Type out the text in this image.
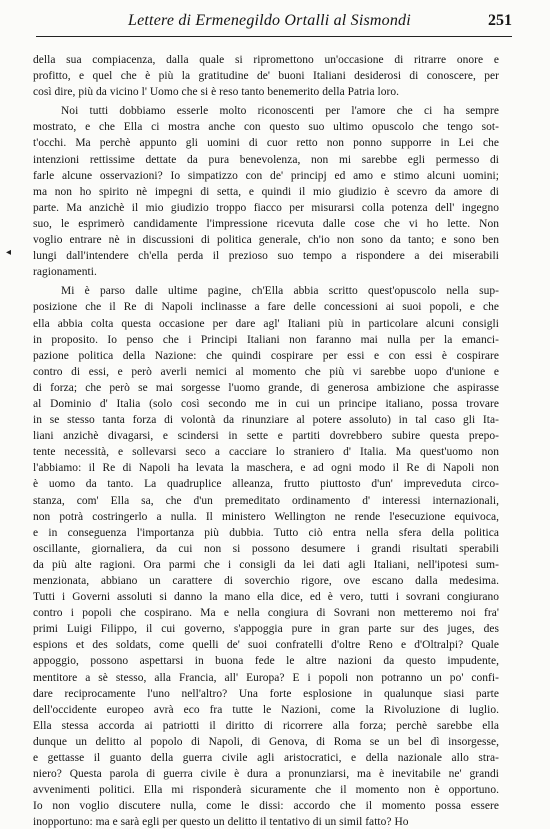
Lettere di Ermenegildo Ortalli al Sismondi	251
◂
della sua compiacenza, dalla quale si ripromettono un'occasione di ritrarre onore e
profitto, e quel che è più la gratitudine de' buoni Italiani desiderosi di conoscere, per
così dire, più da vicino l' Uomo che si è reso tanto benemerito della Patria loro.
Noi tutti dobbiamo esserle molto riconoscenti per l'amore che ci ha sempre
mostrato, e che Ella ci mostra anche con questo suo ultimo opuscolo che tengo sot-
t'occhi. Ma perchè appunto gli uomini di cuor retto non ponno supporre in Lei che
intenzioni rettissime dettate da pura benevolenza, non mi sarebbe egli permesso di
farle alcune osservazioni? Io simpatizzo con de' principj ed amo e stimo alcuni uomini;
ma non ho spirito nè impegni di setta, e quindi il mio giudizio è scevro da amore di
parte. Ma anzichè il mio giudizio troppo fiacco per misurarsi colla potenza dell' ingegno
suo, le esprimerò candidamente l'impressione ricevuta dalle cose che vi ho lette. Non
voglio entrare nè in discussioni di politica generale, ch'io non sono da tanto; e sono ben
lungi dall'intendere ch'ella perda il prezioso suo tempo a rispondere a dei miserabili
ragionamenti.
Mi è parso dalle ultime pagine, ch'Ella abbia scritto quest'opuscolo nella sup-
posizione che il Re di Napoli inclinasse a fare delle concessioni ai suoi popoli, e che
ella abbia colta questa occasione per dare agl' Italiani più in particolare alcuni consigli
in proposito. Io penso che i Principi Italiani non faranno mai nulla per la emanci-
pazione politica della Nazione: che quindi cospirare per essi e con essi è cospirare
contro di essi, e però averli nemici al momento che più vi sarebbe uopo d'unione e
di forza; che però se mai sorgesse l'uomo grande, di generosa ambizione che aspirasse
al Dominio d' Italia (solo così secondo me in cui un principe italiano, possa trovare
in se stesso tanta forza di volontà da rinunziare al potere assoluto) in tal caso gli Ita-
liani anzichè divagarsi, e scindersi in sette e partiti dovrebbero subire questa prepo-
tente necessità, e sollevarsi seco a cacciare lo straniero d' Italia. Ma quest'uomo non
l'abbiamo: il Re di Napoli ha levata la maschera, e ad ogni modo il Re di Napoli non
è uomo da tanto. La quadruplice alleanza, frutto piuttosto d'un' impreveduta circo-
stanza, com' Ella sa, che d'un premeditato ordinamento d' interessi internazionali,
non potrà costringerlo a nulla. Il ministero Wellington ne rende l'esecuzione equivoca,
e in conseguenza l'importanza più dubbia. Tutto ciò entra nella sfera della politica
oscillante, giornaliera, da cui non si possono desumere i grandi risultati sperabili
da più alte ragioni. Ora parmi che i consigli da lei dati agli Italiani, nell'ipotesi sum-
menzionata, abbiano un carattere di soverchio rigore, ove escano dalla medesima.
Tutti i Governi assoluti si danno la mano ella dice, ed è vero, tutti i sovrani congiurano
contro i popoli che cospirano. Ma e nella congiura di Sovrani non metteremo noi fra'
primi Luigi Filippo, il cui governo, s'appoggia pure in gran parte sur des juges, des
espions et des soldats, come quelli de' suoi confratelli d'oltre Reno e d'Oltralpi? Quale
appoggio, possono aspettarsi in buona fede le altre nazioni da questo impudente,
mentitore a sè stesso, alla Francia, all' Europa? E i popoli non potranno un po' confi-
dare reciprocamente l'uno nell'altro? Una forte esplosione in qualunque siasi parte
dell'occidente europeo avrà eco fra tutte le Nazioni, come la Rivoluzione di luglio.
Ella stessa accorda ai patriotti il diritto di ricorrere alla forza; perchè sarebbe ella
dunque un delitto al popolo di Napoli, di Genova, di Roma se un bel dì insorgesse,
e gettasse il guanto della guerra civile agli aristocratici, e della nazionale allo stra-
niero? Questa parola di guerra civile è dura a pronunziarsi, ma è inevitabile ne' grandi
avvenimenti politici. Ella mi risponderà sicuramente che il momento non è opportuno.
Io non voglio discutere nulla, come le dissi: accordo che il momento possa essere
inopportuno: ma e sarà egli per questo un delitto il tentativo di un simil fatto? Ho
